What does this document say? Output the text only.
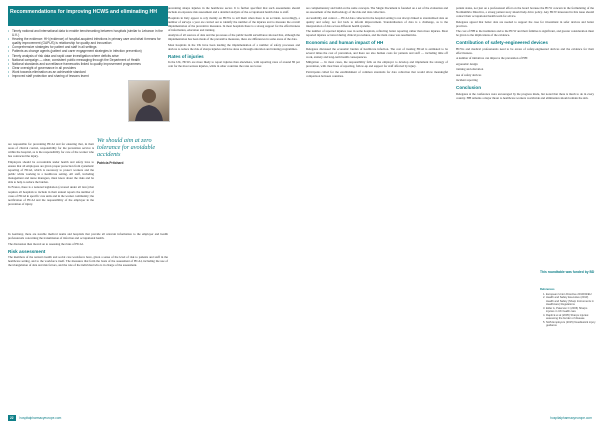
Recommendations for improving HCWS and eliminating HH
• Timely national and international data to enable benchmarking between hospitals (similar to Lebanon in the U.K.)
• Hearing the evidence: HH (evidence) of hospital-acquired infections in primary care and what it means for quality improvement (GAPUS) is relationship for quality and innovation
• Comprehensive strategies for patient and staff in all settings
• Patients as change agents (patient and carer engagement strategies in infection prevention)
• Timely analysis of risk data and rapid case investigation where deficits arise
• National campaign — clear, consistent public messaging through the Department of Health
• National standards and surveillance frameworks linked to quality improvement programmes
• Clear oversight of governance in all providers
• Work towards elimination as an achievable standard
• Improved staff protection and sharing of lessons learnt
We should aim at zero tolerance for avoidable accidents
Patricia Pritchard

are responsible for preventing HCAI and for ensuring that, in their areas of clinical control, responsibility for the prevention service is within the hospital, as is the responsibility for care of the worker who has contracted the injury.

Employers should be accountable under health and safety laws to ensure that all employees are given proper protection from systematic reporting of HCAI, which is necessary to protect workers and the public while working in a healthcare setting. All staff, including management and nurse managers, must know about the risks and be able to help to reduce the burden.

In France, there is a national legislation (covered under all laws) that requires all hospitals to include in their annual reports the number of cases of HCAI in specific care units and in the worker community; the notification of HCAI and the responsibility of the employer in the prevention of injury.

In Germany, there are notable medical teams and hospitals that provide all relevant information to the employer and health professionals concerning the transmission of infection and occupational health.

The discussion then moved on to assessing the risks of HCAI.

Risk assessment

The members of the nation's health and social care workforce have, given a sense of the level of risk to patients and staff in the healthcare setting, and to the workforce itself. The measures that form the basis of the assessment of HCAI, including the use of the triangulation of data and risk factors, and the role of the individual who is in charge of the assessment.

preventing sharps injuries in the healthcare sector. It is further specified that such assessments should include an exposure risk assessment and a detailed analysis of the occupational health risks to staff.

Hospitals in Italy appear to rely mainly on HCWs to tell them when there is an accident. Accordingly, a number of surveys a year are carried out to identify the number of the injuries and to measure the overall implementation of the preventive measures. In most hospitals there is a strong support for the effectiveness of information, education and training.

Analysis of all sources of data and the processes of the public health surveillance showed that, although the implementation has been made of the preventive measures, there are differences in some areas of the data.

Most hospitals in the UK have been leading the implementation of a number of safety processes and devices to reduce the risk of sharps injuries and have done so through education and training programmes.

Rates of injuries

In the UK, HCWs are more likely to report injuries than elsewhere, with reporting rates of around 80 per cent for the most serious injuries, while in other countries the rates are lower.

are complementary and build on the same concepts. The Single Document is founded on a set of the evaluation and an assessment of the methodology of the risk and data collection.

Accessibility and control — HCAI data collected in the hospital setting is not always linked to standardised data on quality and safety, nor fed back to inform improvement. Standardisation of data is a challenge, as is the interpretation of data across different health systems.

The number of reported injuries rose in some hospitals, reflecting better reporting rather than more injuries. Most reported injuries occurred during clinical procedures, and the main cause was needlesticks.

Economic and human impact of HH

Delegates discussed the economic burden of healthcare infection. The cost of treating HCAI is estimated to be several times the cost of prevention, and there are also human costs for patients and staff — including time off work, anxiety and long-term health consequences.

Mitigation — In most cases, the responsibility falls on the employer to develop and implement the strategy of prevention, with clear lines of reporting, follow-up and support for staff affected by injury.

Participants called for the establishment of common standards for data collection that would allow meaningful comparison between countries.

patient status, not just on a professional effort on the board because the HCW concern in the formulating of the Northumbria Directive, a strong patient story should help drive policy. Any HCW interested in this issue should contact their occupational health team for advice.

Delegates agreed that better data are needed to support the case for investment in safer devices and better practices.

The cost of HH to the institution and to the HCW and their families is significant, and greater consideration must be given to the implications of the evidence.

Contribution of safety-engineered devices

HCWs and medical professionals need to be aware of safety-engineered devices and the evidence for their effectiveness.

A number of initiatives can improve the prevention of HH:

ergonomic design

training and education

use of safety devices

incident reporting

Conclusion

Delegates at the conference were encouraged by the progress made, but noted that there is much to do in every country. HH remains a major threat to healthcare workers worldwide and elimination should remain the aim.

This roundtable was funded by BD
References
1. European Union Directive 2010/32/EU
2. Health and Safety Executive (2013) Health and Safety (Sharp Instruments in Healthcare) Regulations
3. Elder A, Paterson C (2006) Sharps injuries in UK health care
4. Rapiti E et al (2005) Sharps injuries: assessing the burden of disease
5. NHS Employers (2015) Needlestick injury guidance
22 hospitalpharmacyeurope.com	hospitalpharmacyeurope.com
